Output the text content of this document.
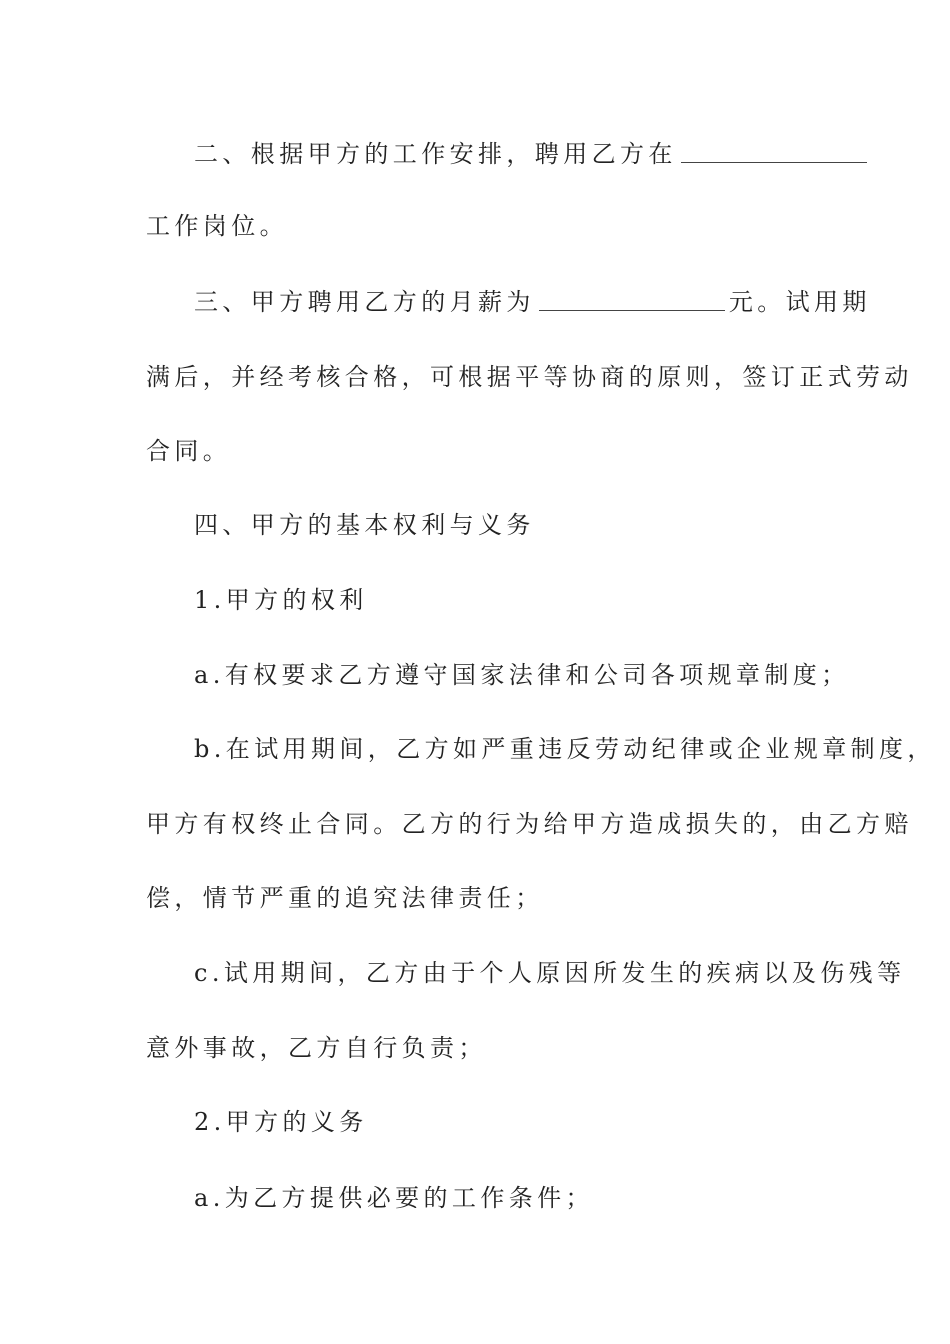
二、根据甲方的工作安排，聘用乙方在
工作岗位。
三、甲方聘用乙方的月薪为	元。试用期
满后，并经考核合格，可根据平等协商的原则，签订正式劳动
合同。
四、甲方的基本权利与义务
1.甲方的权利
a.有权要求乙方遵守国家法律和公司各项规章制度；
b.在试用期间，乙方如严重违反劳动纪律或企业规章制度，
甲方有权终止合同。乙方的行为给甲方造成损失的，由乙方赔
偿，情节严重的追究法律责任；
c.试用期间，乙方由于个人原因所发生的疾病以及伤残等
意外事故，乙方自行负责；
2.甲方的义务
a.为乙方提供必要的工作条件；
